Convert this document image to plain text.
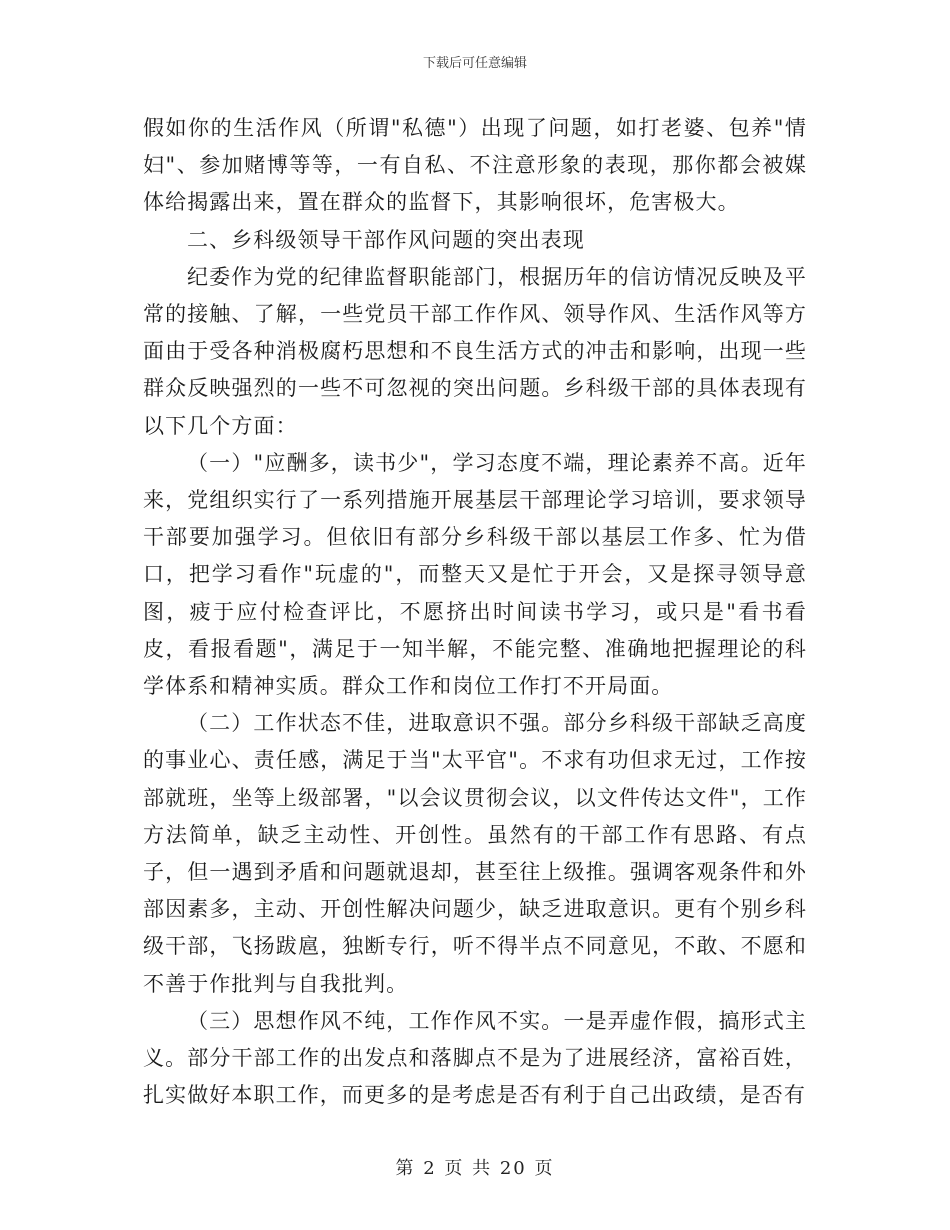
下载后可任意编辑

假如你的生活作风（所谓"私德"）出现了问题，如打老婆、包养"情妇"、参加赌博等等，一有自私、不注意形象的表现，那你都会被媒体给揭露出来，置在群众的监督下，其影响很坏，危害极大。

二、乡科级领导干部作风问题的突出表现

纪委作为党的纪律监督职能部门，根据历年的信访情况反映及平常的接触、了解，一些党员干部工作作风、领导作风、生活作风等方面由于受各种消极腐朽思想和不良生活方式的冲击和影响，出现一些群众反映强烈的一些不可忽视的突出问题。乡科级干部的具体表现有以下几个方面：

（一）"应酬多，读书少"，学习态度不端，理论素养不高。近年来，党组织实行了一系列措施开展基层干部理论学习培训，要求领导干部要加强学习。但依旧有部分乡科级干部以基层工作多、忙为借口，把学习看作"玩虚的"，而整天又是忙于开会，又是探寻领导意图，疲于应付检查评比，不愿挤出时间读书学习，或只是"看书看皮，看报看题"，满足于一知半解，不能完整、准确地把握理论的科学体系和精神实质。群众工作和岗位工作打不开局面。

（二）工作状态不佳，进取意识不强。部分乡科级干部缺乏高度的事业心、责任感，满足于当"太平官"。不求有功但求无过，工作按部就班，坐等上级部署，"以会议贯彻会议，以文件传达文件"，工作方法简单，缺乏主动性、开创性。虽然有的干部工作有思路、有点子，但一遇到矛盾和问题就退却，甚至往上级推。强调客观条件和外部因素多，主动、开创性解决问题少，缺乏进取意识。更有个别乡科级干部，飞扬跋扈，独断专行，听不得半点不同意见，不敢、不愿和不善于作批判与自我批判。

（三）思想作风不纯，工作作风不实。一是弄虚作假，搞形式主义。部分干部工作的出发点和落脚点不是为了进展经济，富裕百姓，扎实做好本职工作，而更多的是考虑是否有利于自己出政绩，是否有

第 2 页 共 20 页
